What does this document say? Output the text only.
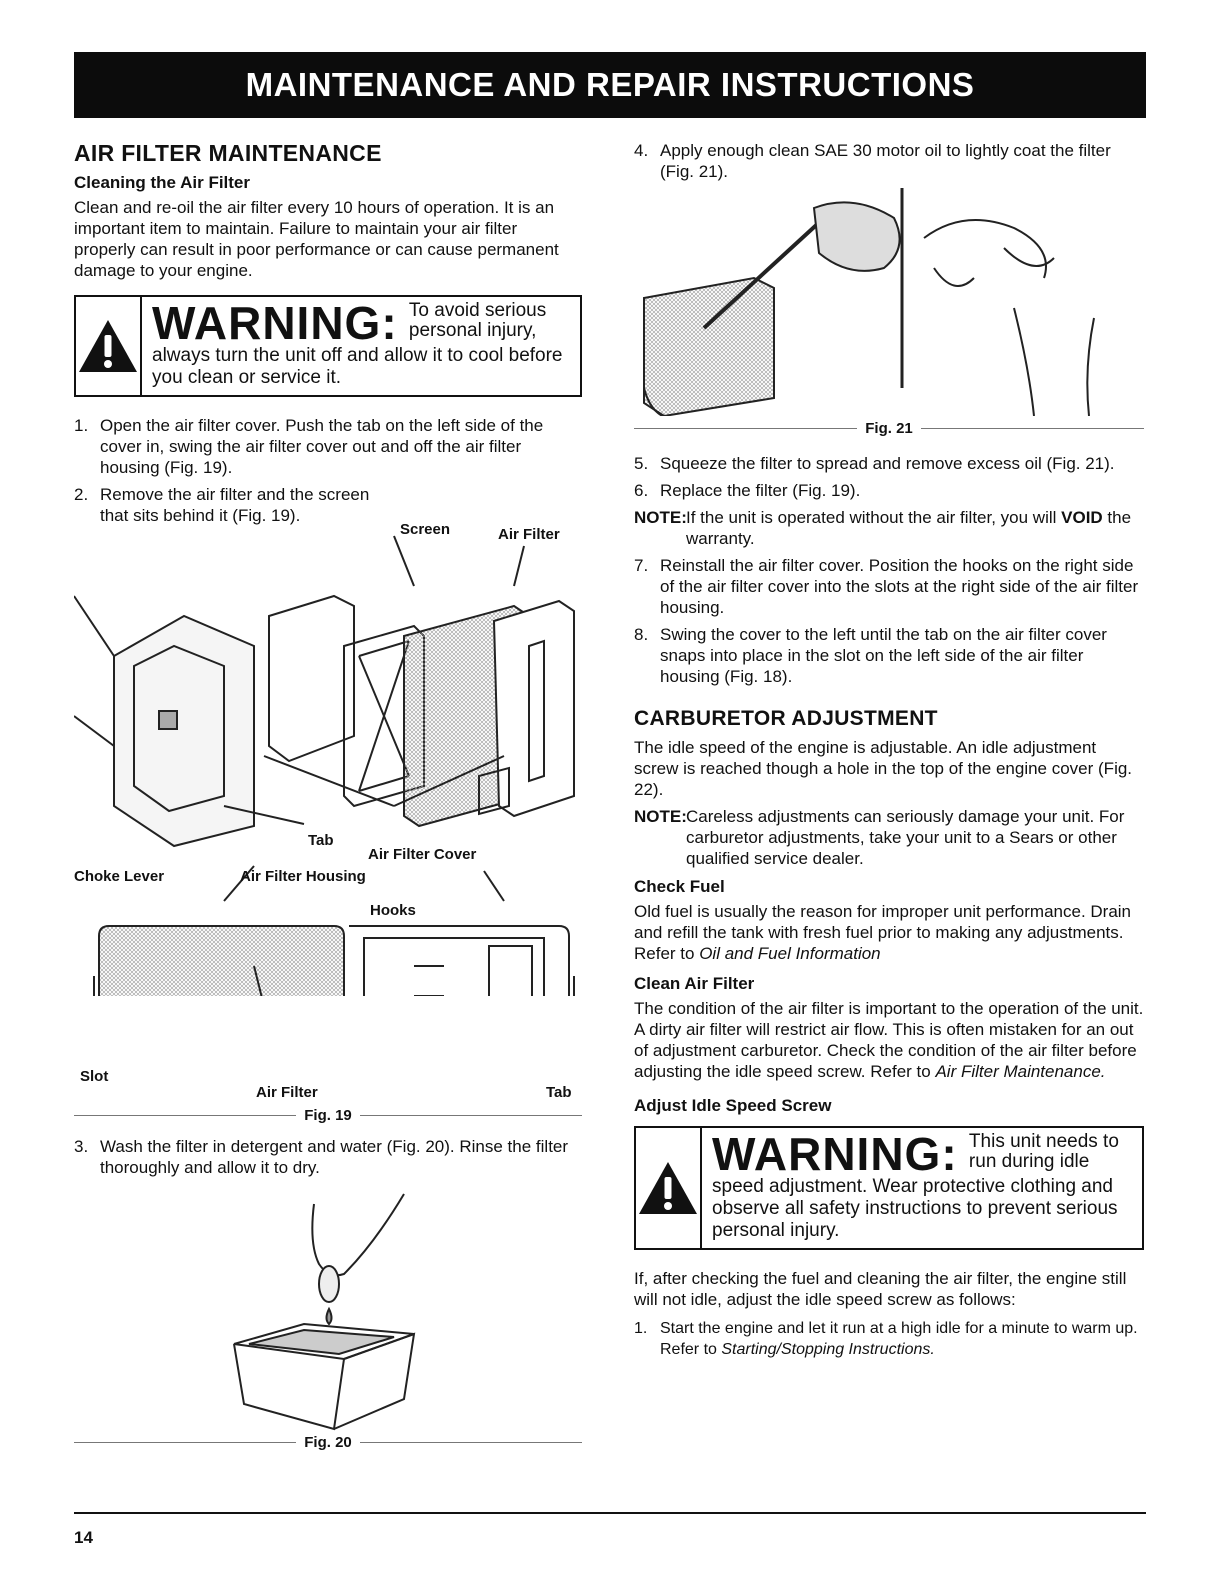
MAINTENANCE AND REPAIR INSTRUCTIONS
AIR FILTER MAINTENANCE
Cleaning the Air Filter

Clean and re-oil the air filter every 10 hours of operation. It is an important item to maintain. Failure to maintain your air filter properly can result in poor performance or can cause permanent damage to your engine.

WARNING: To avoid serious personal injury,
always turn the unit off and allow it to cool before you clean or service it.
1. Open the air filter cover. Push the tab on the left side of the cover in, swing the air filter cover out and off the air filter housing (Fig. 19).
2. Remove the air filter and the screen that sits behind it (Fig. 19).
Screen	Air Filter
Tab
Air Filter Cover
Choke Lever	Air Filter Housing
Hooks
Slot
Air Filter	Tab
Fig. 19
3. Wash the filter in detergent and water (Fig. 20). Rinse the filter thoroughly and allow it to dry.
Fig. 20
4. Apply enough clean SAE 30 motor oil to lightly coat the filter (Fig. 21).
Fig. 21
5. Squeeze the filter to spread and remove excess oil (Fig. 21).
6. Replace the filter (Fig. 19).
NOTE: If the unit is operated without the air filter, you will VOID the warranty.
7. Reinstall the air filter cover. Position the hooks on the right side of the air filter cover into the slots at the right side of the air filter housing.
8. Swing the cover to the left until the tab on the air filter cover snaps into place in the slot on the left side of the air filter housing (Fig. 18).
CARBURETOR ADJUSTMENT

The idle speed of the engine is adjustable. An idle adjustment screw is reached though a hole in the top of the engine cover (Fig. 22).

NOTE: Careless adjustments can seriously damage your unit. For carburetor adjustments, take your unit to a Sears or other qualified service dealer.
Check Fuel

Old fuel is usually the reason for improper unit performance. Drain and refill the tank with fresh fuel prior to making any adjustments. Refer to Oil and Fuel Information

Clean Air Filter

The condition of the air filter is important to the operation of the unit. A dirty air filter will restrict air flow. This is often mistaken for an out of adjustment carburetor. Check the condition of the air filter before adjusting the idle speed screw. Refer to Air Filter Maintenance.

Adjust Idle Speed Screw
WARNING: This unit needs to run during idle
speed adjustment. Wear protective clothing and observe all safety instructions to prevent serious personal injury.

If, after checking the fuel and cleaning the air filter, the engine still will not idle, adjust the idle speed screw as follows:

1. Start the engine and let it run at a high idle for a minute to warm up. Refer to Starting/Stopping Instructions.
14
